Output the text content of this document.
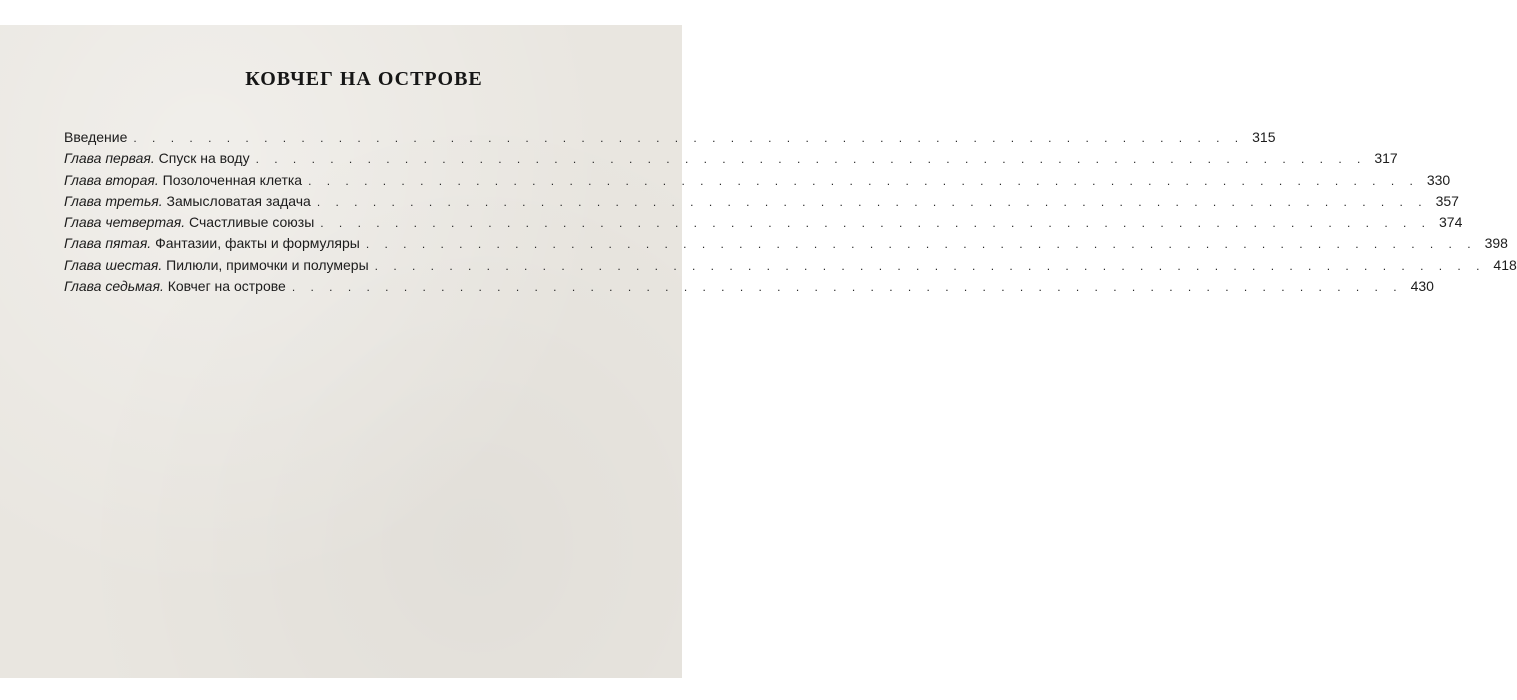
КОВЧЕГ НА ОСТРОВЕ
Введение . . . . . . . . . . . . . . . . . . . . . . . . . . . . . . . . . . . . . . . . . . . . . . . . . . . . . . . . . . . . 315
Глава первая. Спуск на воду . . . . . . . . . . . . . . . . . . . . . . . . . . . . . . . . . . . . . . . . . . . . . . . . . . . . . . . . . . . . 317
Глава вторая. Позолоченная клетка . . . . . . . . . . . . . . . . . . . . . . . . . . . . . . . . . . . . . . . . . . . . . . . . . . . . . . . . . . . . 330
Глава третья. Замысловатая задача . . . . . . . . . . . . . . . . . . . . . . . . . . . . . . . . . . . . . . . . . . . . . . . . . . . . . . . . . . . . 357
Глава четвертая. Счастливые союзы . . . . . . . . . . . . . . . . . . . . . . . . . . . . . . . . . . . . . . . . . . . . . . . . . . . . . . . . . . . . 374
Глава пятая. Фантазии, факты и формуляры . . . . . . . . . . . . . . . . . . . . . . . . . . . . . . . . . . . . . . . . . . . . . . . . . . . . . . . . . . . . 398
Глава шестая. Пилюли, примочки и полумеры . . . . . . . . . . . . . . . . . . . . . . . . . . . . . . . . . . . . . . . . . . . . . . . . . . . . . . . . . . . . 418
Глава седьмая. Ковчег на острове . . . . . . . . . . . . . . . . . . . . . . . . . . . . . . . . . . . . . . . . . . . . . . . . . . . . . . . . . . . . 430
